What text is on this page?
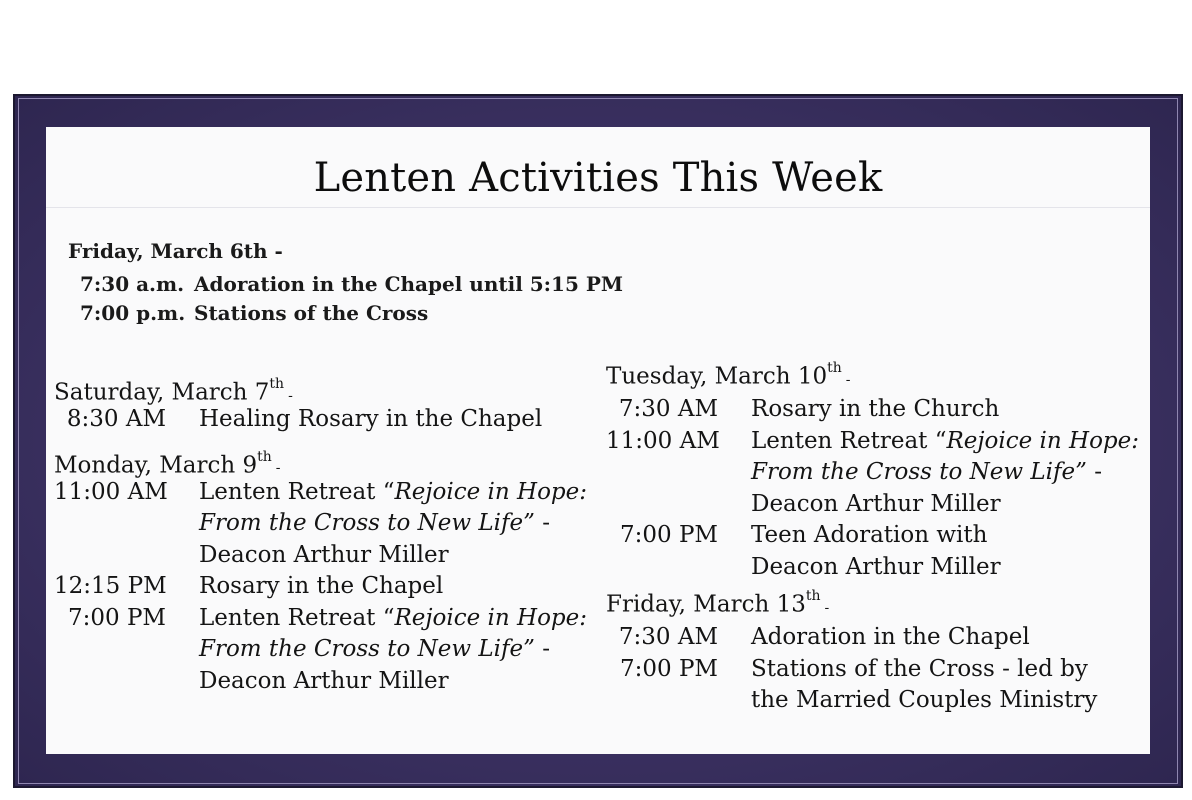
Lenten Activities This Week
Friday, March 6th -
7:30 a.m. Adoration in the Chapel until 5:15 PM
7:00 p.m. Stations of the Cross

Saturday, March 7th-

8:30 AM	Healing Rosary in the Chapel

Monday, March 9th-

11:00 AM	Lenten Retreat “Rejoice in Hope: From the Cross to New Life” -
Deacon Arthur Miller
12:15 PM	Rosary in the Chapel
7:00 PM	Lenten Retreat “Rejoice in Hope: From the Cross to New Life” -
Deacon Arthur Miller

Tuesday, March 10th-

7:30 AM	Rosary in the Church
11:00 AM	Lenten Retreat “Rejoice in Hope: From the Cross to New Life” -
Deacon Arthur Miller
7:00 PM	Teen Adoration with
Deacon Arthur Miller

Friday, March 13th-

7:30 AM	Adoration in the Chapel
7:00 PM	Stations of the Cross - led by
the Married Couples Ministry
